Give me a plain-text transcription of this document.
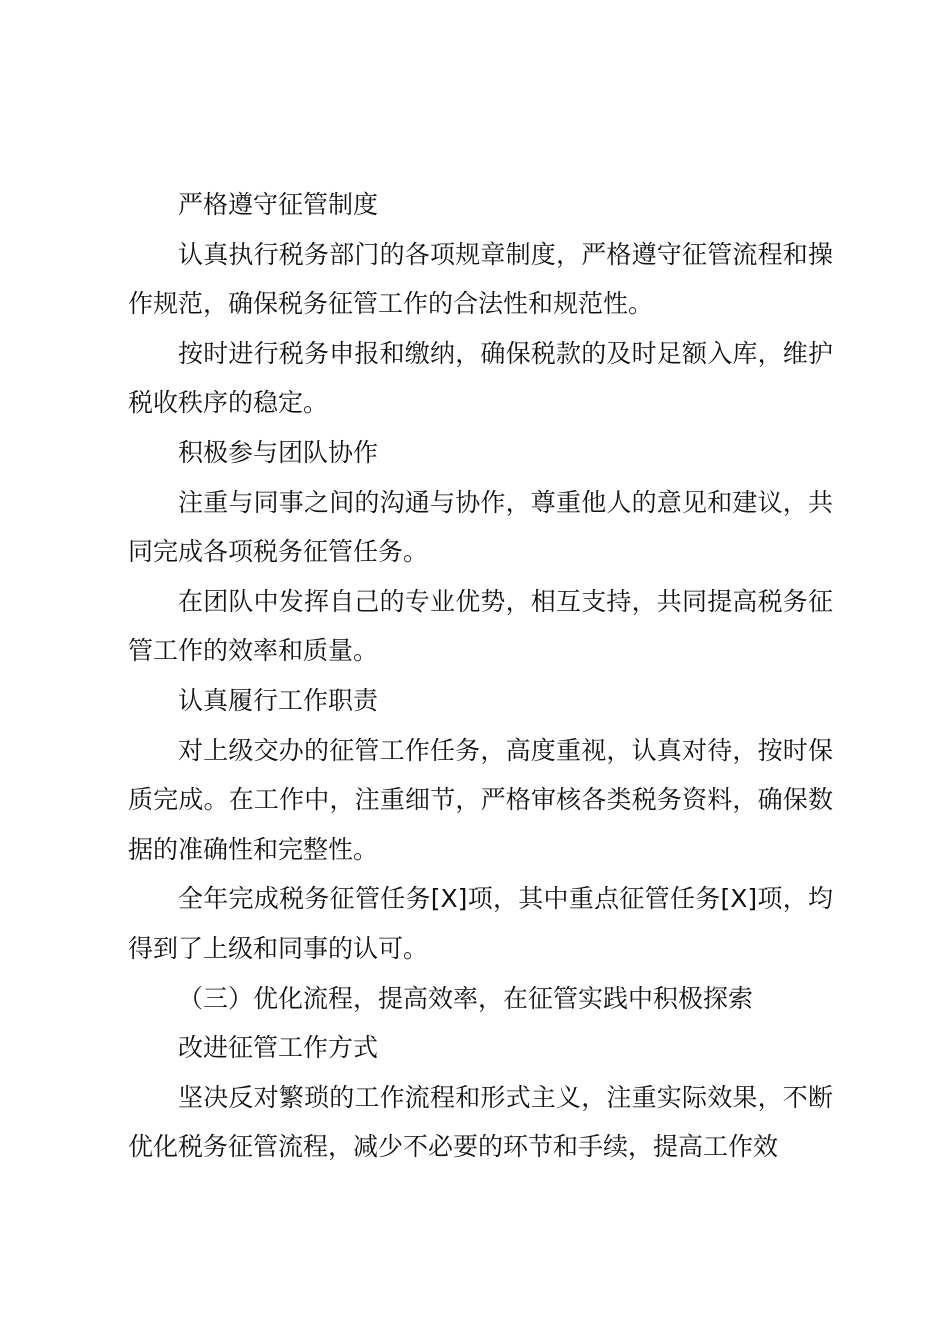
严格遵守征管制度

认真执行税务部门的各项规章制度，严格遵守征管流程和操作规范，确保税务征管工作的合法性和规范性。

按时进行税务申报和缴纳，确保税款的及时足额入库，维护税收秩序的稳定。

积极参与团队协作

注重与同事之间的沟通与协作，尊重他人的意见和建议，共同完成各项税务征管任务。

在团队中发挥自己的专业优势，相互支持，共同提高税务征管工作的效率和质量。

认真履行工作职责

对上级交办的征管工作任务，高度重视，认真对待，按时保质完成。在工作中，注重细节，严格审核各类税务资料，确保数据的准确性和完整性。

全年完成税务征管任务[X]项，其中重点征管任务[X]项，均得到了上级和同事的认可。

（三）优化流程，提高效率，在征管实践中积极探索

改进征管工作方式

坚决反对繁琐的工作流程和形式主义，注重实际效果，不断优化税务征管流程，减少不必要的环节和手续，提高工作效
